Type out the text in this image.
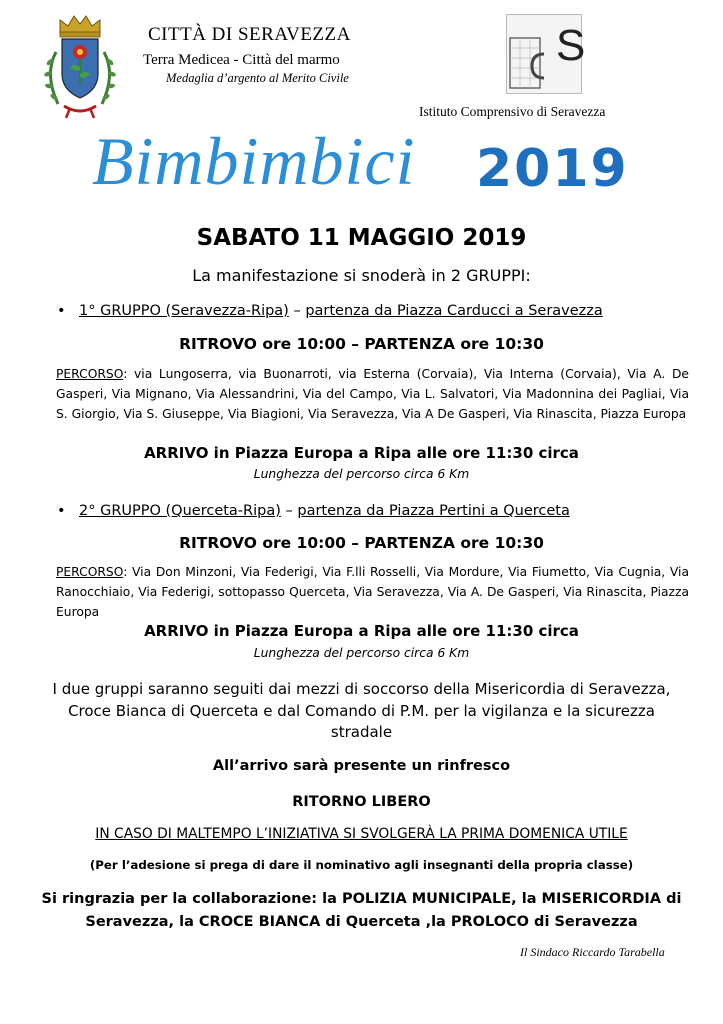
CITTÀ DI SERAVEZZA
Terra Medicea - Città del marmo
Medaglia d’argento al Merito Civile
S
Istituto Comprensivo di Seravezza
Bimbimbici 2019
SABATO 11 MAGGIO 2019
La manifestazione si snoderà in 2 GRUPPI:
• 1° GRUPPO (Seravezza-Ripa) – partenza da Piazza Carducci a Seravezza
RITROVO ore 10:00 – PARTENZA ore 10:30
PERCORSO: via Lungoserra, via Buonarroti, via Esterna (Corvaia), Via Interna (Corvaia), Via A. De Gasperi, Via Mignano, Via Alessandrini, Via del Campo, Via L. Salvatori, Via Madonnina dei Pagliai, Via S. Giorgio, Via S. Giuseppe, Via Biagioni, Via Seravezza, Via A De Gasperi, Via Rinascita, Piazza Europa
ARRIVO in Piazza Europa a Ripa alle ore 11:30 circa
Lunghezza del percorso circa 6 Km
• 2° GRUPPO (Querceta-Ripa) – partenza da Piazza Pertini a Querceta
RITROVO ore 10:00 – PARTENZA ore 10:30
PERCORSO: Via Don Minzoni, Via Federigi, Via F.lli Rosselli, Via Mordure, Via Fiumetto, Via Cugnia, Via Ranocchiaio, Via Federigi, sottopasso Querceta, Via Seravezza, Via A. De Gasperi, Via Rinascita, Piazza Europa
ARRIVO in Piazza Europa a Ripa alle ore 11:30 circa
Lunghezza del percorso circa 6 Km
I due gruppi saranno seguiti dai mezzi di soccorso della Misericordia di Seravezza, Croce Bianca di Querceta e dal Comando di P.M. per la vigilanza e la sicurezza stradale
All’arrivo sarà presente un rinfresco
RITORNO LIBERO
IN CASO DI MALTEMPO L’INIZIATIVA SI SVOLGERÀ LA PRIMA DOMENICA UTILE
(Per l’adesione si prega di dare il nominativo agli insegnanti della propria classe)
Si ringrazia per la collaborazione: la POLIZIA MUNICIPALE, la MISERICORDIA di Seravezza, la CROCE BIANCA di Querceta ,la PROLOCO di Seravezza
Il Sindaco Riccardo Tarabella
